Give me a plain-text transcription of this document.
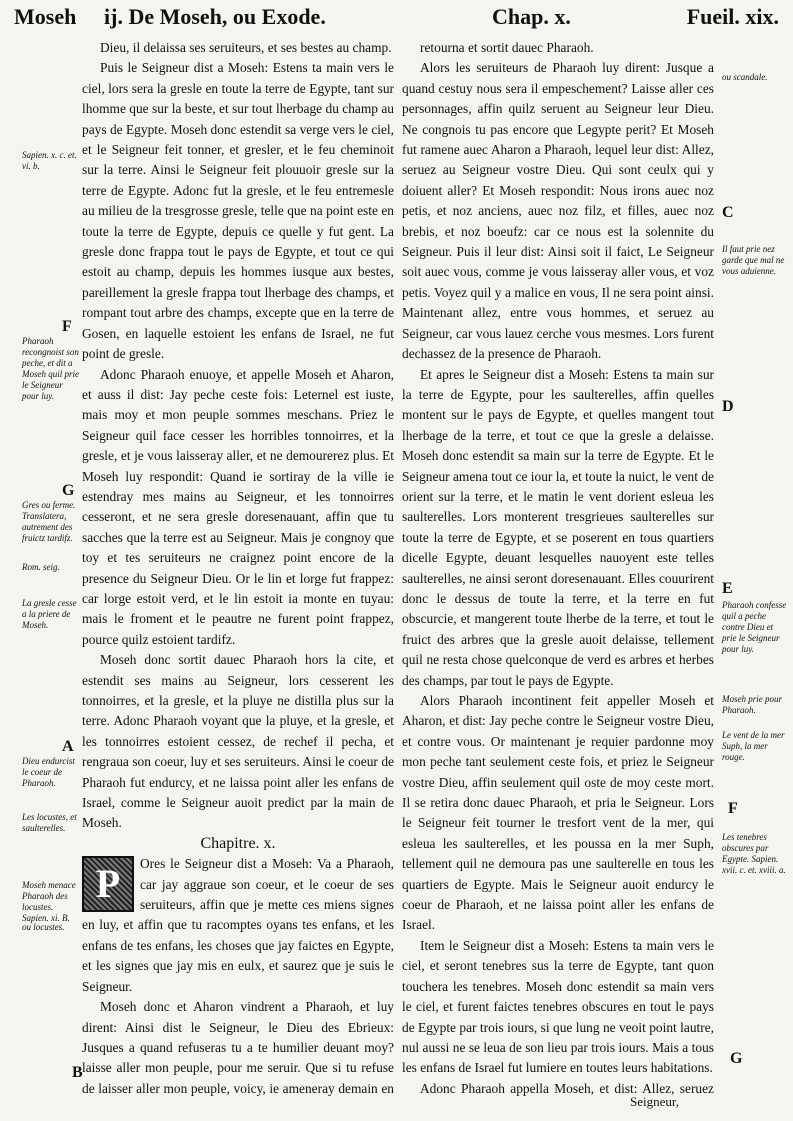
Moseh ij. De Moseh, ou Exode.	Chap. x.	Fueil. xix.
Sapien. x. c. et. vi. b.
F
Pharaoh recongnoist son peche, et dit a Moseh quil prie le Seigneur pour luy.
G
Gres ou ferme. Translatera, autrement des fruictz tardifz.
Rom. seig.
La gresle cesse a la priere de Moseh.
A
Dieu endurcist le coeur de Pharaoh.
Les locustes, et saulterelles.
Moseh menace Pharaoh des locustes. Sapien. xi. B.
ou locustes.
B
ou scandale.
C
Il faut prie nez garde que mal ne vous aduienne.
D
E
Pharaoh confesse quil a peche contre Dieu et prie le Seigneur pour luy.
Moseh prie pour Pharaoh.
Le vent de la mer Suph, la mer rouge.
F
Les tenebres obscures par Egypte. Sapien. xvii. c. et. xviii. a.
G

Dieu, il delaissa ses seruiteurs, et ses bestes au champ.

Puis le Seigneur dist a Moseh: Estens ta main vers le ciel, lors sera la gresle en toute la terre de Egypte, tant sur lhomme que sur la beste, et sur tout lherbage du champ au pays de Egypte. Moseh donc estendit sa verge vers le ciel, et le Seigneur feit tonner, et gresler, et le feu cheminoit sur la terre. Ainsi le Seigneur feit plouuoir gresle sur la terre de Egypte. Adonc fut la gresle, et le feu entremesle au milieu de la tresgrosse gresle, telle que na point este en toute la terre de Egypte, depuis ce quelle y fut gent. La gresle donc frappa tout le pays de Egypte, et tout ce qui estoit au champ, depuis les hommes iusque aux bestes, pareillement la gresle frappa tout lherbage des champs, et rompant tout arbre des champs, excepte que en la terre de Gosen, en laquelle estoient les enfans de Israel, ne fut point de gresle.

Adonc Pharaoh enuoye, et appelle Moseh et Aharon, et auss il dist: Jay peche ceste fois: Leternel est iuste, mais moy et mon peuple sommes meschans. Priez le Seigneur quil face cesser les horribles tonnoirres, et la gresle, et je vous laisseray aller, et ne demourerez plus. Et Moseh luy respondit: Quand ie sortiray de la ville ie estendray mes mains au Seigneur, et les tonnoirres cesseront, et ne sera gresle doresenauant, affin que tu sacches que la terre est au Seigneur. Mais je congnoy que toy et tes seruiteurs ne craignez point encore de la presence du Seigneur Dieu. Or le lin et lorge fut frappez: car lorge estoit verd, et le lin estoit ia monte en tuyau: mais le froment et le peautre ne furent point frappez, pource quilz estoient tardifz.

Moseh donc sortit dauec Pharaoh hors la cite, et estendit ses mains au Seigneur, lors cesserent les tonnoirres, et la gresle, et la pluye ne distilla plus sur la terre. Adonc Pharaoh voyant que la pluye, et la gresle, et les tonnoirres estoient cessez, de rechef il pecha, et rengraua son coeur, luy et ses seruiteurs. Ainsi le coeur de Pharaoh fut endurcy, et ne laissa point aller les enfans de Israel, comme le Seigneur auoit predict par la main de Moseh.

Chapitre. x.

P	Ores le Seigneur dist a Moseh: Va a Pharaoh, car jay aggraue son coeur, et le coeur de ses seruiteurs, affin que je mette ces miens signes en luy, et affin que tu racomptes oyans tes enfans, et les enfans de tes enfans, les choses que jay faictes en Egypte, et les signes que jay mis en eulx, et saurez que je suis le Seigneur.

Moseh donc et Aharon vindrent a Pharaoh, et luy dirent: Ainsi dist le Seigneur, le Dieu des Ebrieux: Jusques a quand refuseras tu a te humilier deuant moy? laisse aller mon peuple, pour me seruir. Que si tu refuse de laisser aller mon peuple, voicy, ie ameneray demain en

retourna et sortit dauec Pharaoh.

Alors les seruiteurs de Pharaoh luy dirent: Jusque a quand cestuy nous sera il empeschement? Laisse aller ces personnages, affin quilz seruent au Seigneur leur Dieu. Ne congnois tu pas encore que Legypte perit? Et Moseh fut ramene auec Aharon a Pharaoh, lequel leur dist: Allez, seruez au Seigneur vostre Dieu. Qui sont ceulx qui y doiuent aller? Et Moseh respondit: Nous irons auec noz petis, et noz anciens, auec noz filz, et filles, auec noz brebis, et noz boeufz: car ce nous est la solennite du Seigneur. Puis il leur dist: Ainsi soit il faict, Le Seigneur soit auec vous, comme je vous laisseray aller vous, et voz petis. Voyez quil y a malice en vous, Il ne sera point ainsi. Maintenant allez, entre vous hommes, et seruez au Seigneur, car vous lauez cerche vous mesmes. Lors furent dechassez de la presence de Pharaoh.

Et apres le Seigneur dist a Moseh: Estens ta main sur la terre de Egypte, pour les saulterelles, affin quelles montent sur le pays de Egypte, et quelles mangent tout lherbage de la terre, et tout ce que la gresle a delaisse. Moseh donc estendit sa main sur la terre de Egypte. Et le Seigneur amena tout ce iour la, et toute la nuict, le vent de orient sur la terre, et le matin le vent dorient esleua les saulterelles. Lors monterent tresgrieues saulterelles sur toute la terre de Egypte, et se poserent en tous quartiers dicelle Egypte, deuant lesquelles nauoyent este telles saulterelles, ne ainsi seront doresenauant. Elles couurirent donc le dessus de toute la terre, et la terre en fut obscurcie, et mangerent toute lherbe de la terre, et tout le fruict des arbres que la gresle auoit delaisse, tellement quil ne resta chose quelconque de verd es arbres et herbes des champs, par tout le pays de Egypte.

Alors Pharaoh incontinent feit appeller Moseh et Aharon, et dist: Jay peche contre le Seigneur vostre Dieu, et contre vous. Or maintenant je requier pardonne moy mon peche tant seulement ceste fois, et priez le Seigneur vostre Dieu, affin seulement quil oste de moy ceste mort. Il se retira donc dauec Pharaoh, et pria le Seigneur. Lors le Seigneur feit tourner le tresfort vent de la mer, qui esleua les saulterelles, et les poussa en la mer Suph, tellement quil ne demoura pas une saulterelle en tous les quartiers de Egypte. Mais le Seigneur auoit endurcy le coeur de Pharaoh, et ne laissa point aller les enfans de Israel.

Item le Seigneur dist a Moseh: Estens ta main vers le ciel, et seront tenebres sus la terre de Egypte, tant quon touchera les tenebres. Moseh donc estendit sa main vers le ciel, et furent faictes tenebres obscures en tout le pays de Egypte par trois iours, si que lung ne veoit point lautre, nul aussi ne se leua de son lieu par trois iours. Mais a tous les enfans de Israel fut lumiere en toutes leurs habitations.

Adonc Pharaoh appella Moseh, et dist: Allez, seruez

Seigneur,
